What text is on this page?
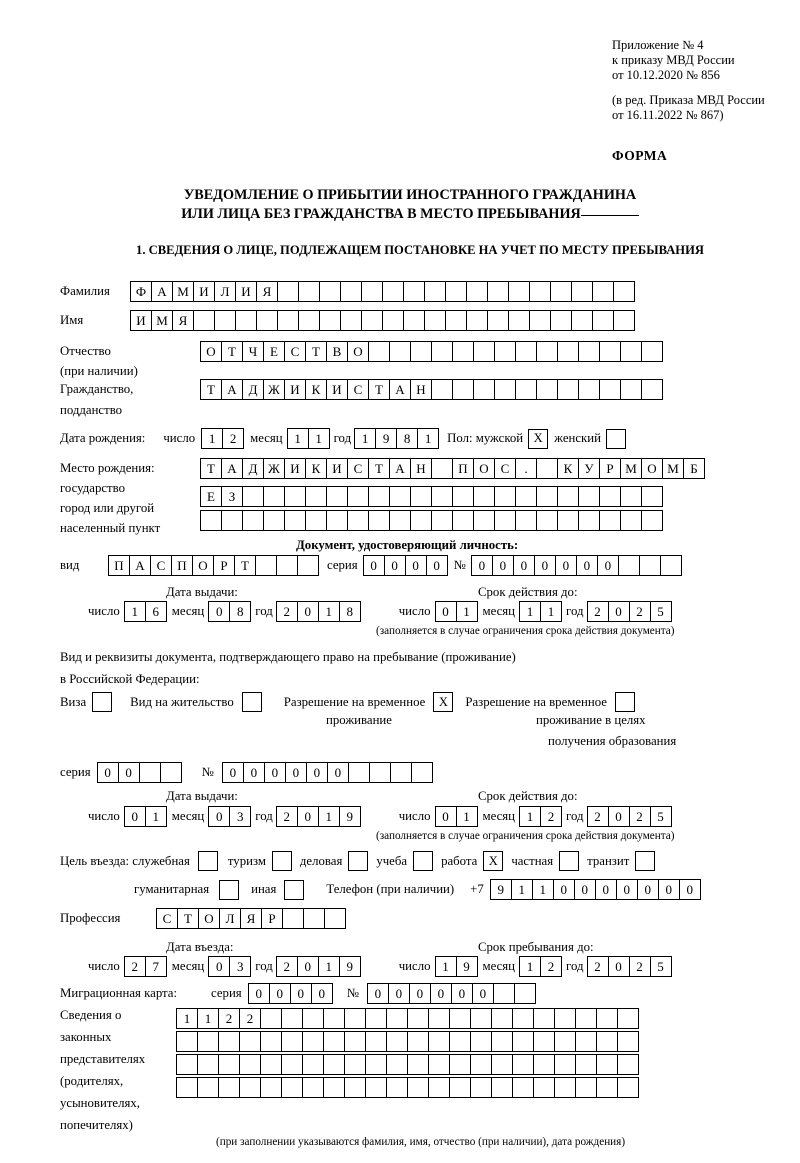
Приложение № 4
к приказу МВД России
от 10.12.2020 № 856
(в ред. Приказа МВД России
от 16.11.2022 № 867)
ФОРМА
УВЕДОМЛЕНИЕ О ПРИБЫТИИ ИНОСТРАННОГО ГРАЖДАНИНА
ИЛИ ЛИЦА БЕЗ ГРАЖДАНСТВА В МЕСТО ПРЕБЫВАНИЯ
1. СВЕДЕНИЯ О ЛИЦЕ, ПОДЛЕЖАЩЕМ ПОСТАНОВКЕ НА УЧЕТ ПО МЕСТУ ПРЕБЫВАНИЯ
Фамилия	Ф А М И Л И Я
Имя	И М Я
Отчество	О Т Ч Е С Т В О
(при наличии)
Гражданство,	Т А Д Ж И К И С Т А Н
подданство
Дата рождения: число	1	2	месяц 1	1 год 1	9	8	1	Пол: мужской X женский
Место рождения:	Т А Д Ж И К И С Т А Н	П О С	.	К У Р М О М Б
государство
Е	З
город или другой
населенный пункт
Документ, удостоверяющий личность:
вид	П А С П О Р	Т	серия 0	0	0	0	№ 0	0	0	0	0	0	0
Дата выдачи:	Срок действия до:
число 1	6 месяц 0	8 год 2	0	1	8	число 0	1 месяц 1	1 год 2	0	2	5
(заполняется в случае ограничения срока действия документа)
Вид и реквизиты документа, подтверждающего право на пребывание (проживание)
в Российской Федерации:
Виза	Вид на жительство	Разрешение на временное	X	Разрешение на временное
проживание	проживание в целях
получения образования
серия	0	0	№	0	0	0	0	0	0
Дата выдачи:	Срок действия до:
число 0	1 месяц 0	3 год 2	0	1	9	число 0	1 месяц 1	2 год 2	0	2	5
(заполняется в случае ограничения срока действия документа)
Цель въезда: служебная	туризм	деловая	учеба	работа X	частная	транзит
гуманитарная	иная	Телефон (при наличии) +7	9	1	1	0	0	0	0	0	0	0
Профессия	С Т О Л Я	Р
Дата въезда:	Срок пребывания до:
число 2	7 месяц 0	3 год 2	0	1	9	число 1	9 месяц 1	2 год 2	0	2	5
Миграционная карта:	серия	0	0	0	0	№	0	0	0	0	0	0
Сведения о
законных
представителях
(родителях,
усыновителях,
попечителях)
1	1	2	2
(при заполнении указываются фамилия, имя, отчество (при наличии), дата рождения)
